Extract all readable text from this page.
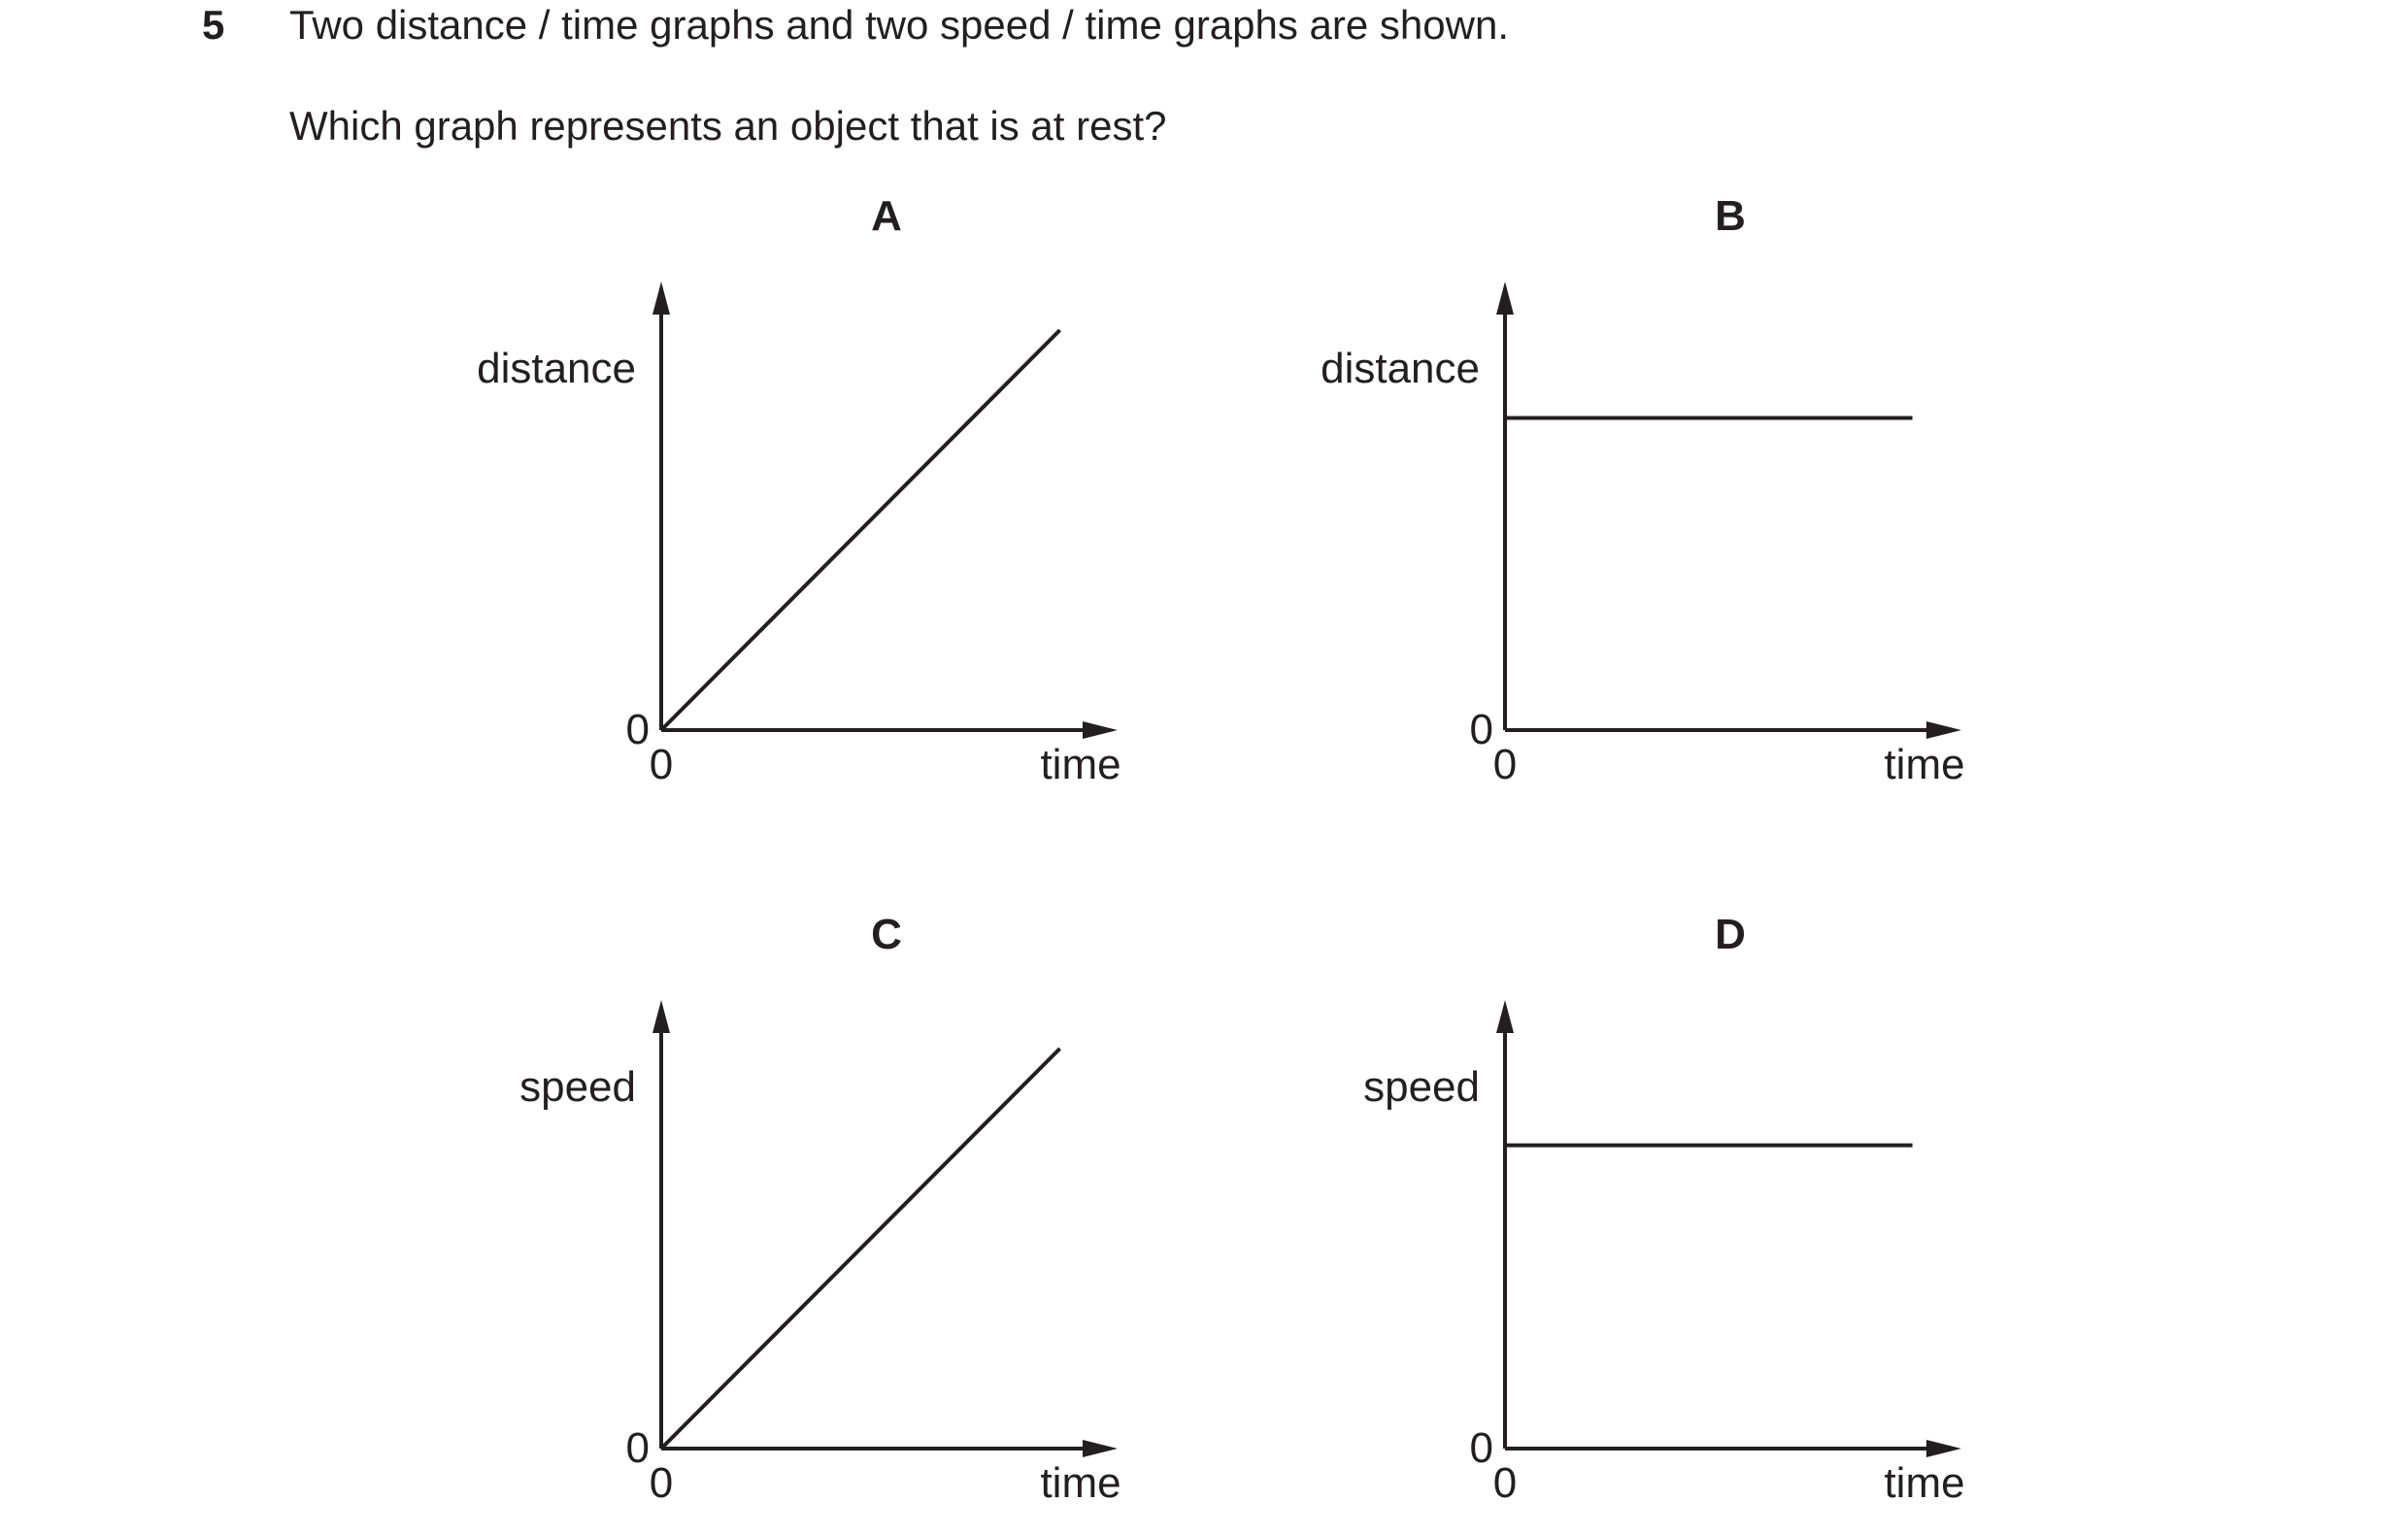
5 Two distance / time graphs and two speed / time graphs are shown.
Which graph represents an object that is at rest?
A
distance
time
0
0
B
distance
time
0
0
C
speed
time
0
0
D
speed
time
0
0
